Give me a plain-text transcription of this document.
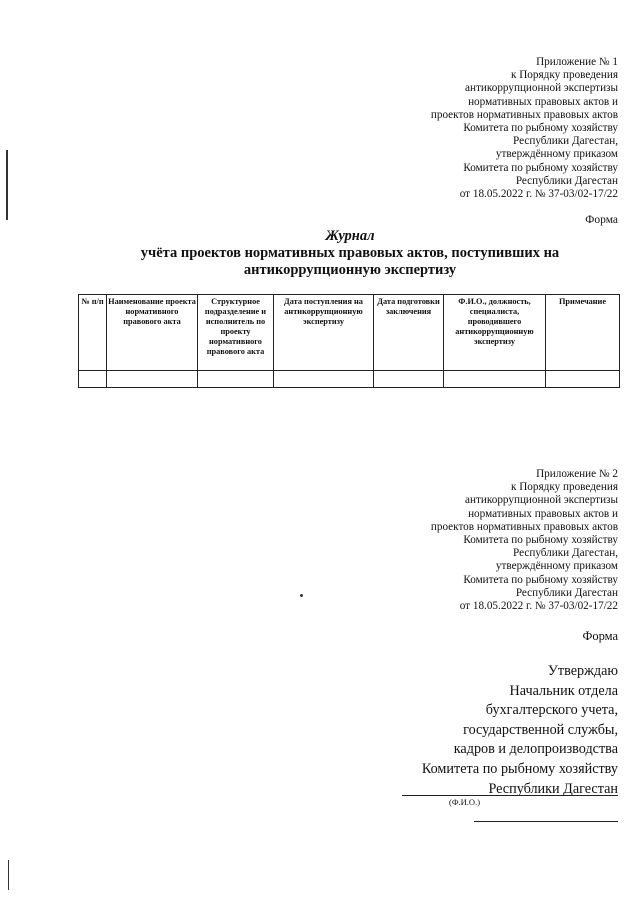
Приложение № 1
к Порядку проведения
антикоррупционной экспертизы
нормативных правовых актов и
проектов нормативных правовых актов
Комитета по рыбному хозяйству
Республики Дагестан,
утверждённому приказом
Комитета по рыбному хозяйству
Республики Дагестан
от 18.05.2022 г. № 37-03/02-17/22
Форма
Журнал
учёта проектов нормативных правовых актов, поступивших на
антикоррупционную экспертизу
№ п/п	Наименование проекта нормативного правового акта	Структурное подразделение и исполнитель по проекту нормативного правового акта	Дата поступления на антикоррупционную экспертизу	Дата подготовки заключения	Ф.И.О., должность, специалиста, проводившего антикоррупционную экспертизу	Примечание

Приложение № 2
к Порядку проведения
антикоррупционной экспертизы
нормативных правовых актов и
проектов нормативных правовых актов
Комитета по рыбному хозяйству
Республики Дагестан,
утверждённому приказом
Комитета по рыбному хозяйству
Республики Дагестан
от 18.05.2022 г. № 37-03/02-17/22
Форма
Утверждаю
Начальник отдела
бухгалтерского учета,
государственной службы,
кадров и делопроизводства
Комитета по рыбному хозяйству
Республики Дагестан
(Ф.И.О.)
